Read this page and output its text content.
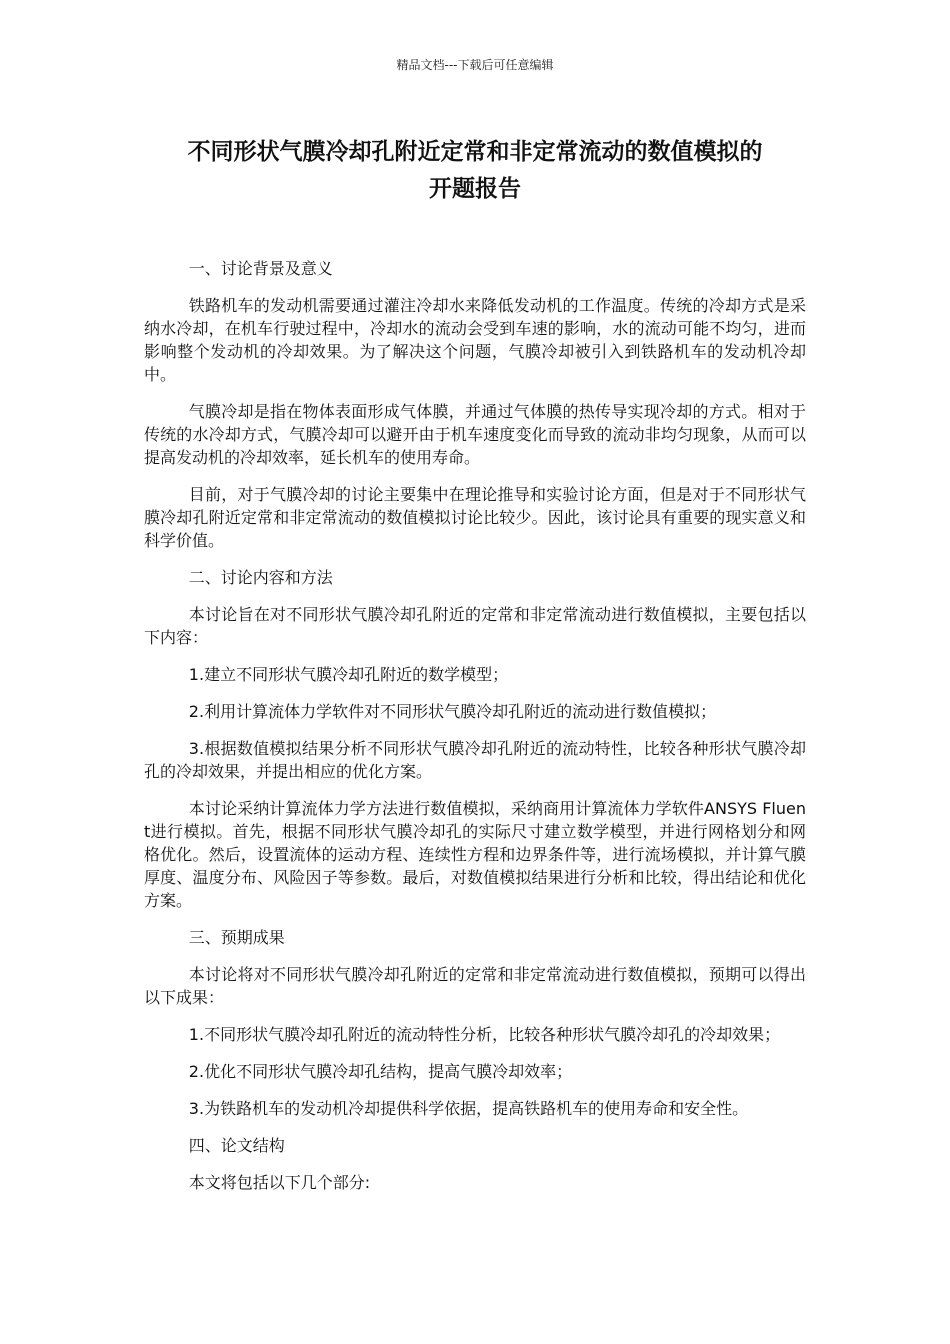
精品文档---下载后可任意编辑
不同形状气膜冷却孔附近定常和非定常流动的数值模拟的
开题报告

一、讨论背景及意义

铁路机车的发动机需要通过灌注冷却水来降低发动机的工作温度。传统的冷却方式是采纳水冷却，在机车行驶过程中，冷却水的流动会受到车速的影响，水的流动可能不均匀，进而影响整个发动机的冷却效果。为了解决这个问题，气膜冷却被引入到铁路机车的发动机冷却中。

气膜冷却是指在物体表面形成气体膜，并通过气体膜的热传导实现冷却的方式。相对于传统的水冷却方式，气膜冷却可以避开由于机车速度变化而导致的流动非均匀现象，从而可以提高发动机的冷却效率，延长机车的使用寿命。

目前，对于气膜冷却的讨论主要集中在理论推导和实验讨论方面，但是对于不同形状气膜冷却孔附近定常和非定常流动的数值模拟讨论比较少。因此，该讨论具有重要的现实意义和科学价值。

二、讨论内容和方法

本讨论旨在对不同形状气膜冷却孔附近的定常和非定常流动进行数值模拟，主要包括以下内容：

1.建立不同形状气膜冷却孔附近的数学模型；

2.利用计算流体力学软件对不同形状气膜冷却孔附近的流动进行数值模拟；

3.根据数值模拟结果分析不同形状气膜冷却孔附近的流动特性，比较各种形状气膜冷却孔的冷却效果，并提出相应的优化方案。

本讨论采纳计算流体力学方法进行数值模拟，采纳商用计算流体力学软件ANSYS Fluent进行模拟。首先，根据不同形状气膜冷却孔的实际尺寸建立数学模型，并进行网格划分和网格优化。然后，设置流体的运动方程、连续性方程和边界条件等，进行流场模拟，并计算气膜厚度、温度分布、风险因子等参数。最后，对数值模拟结果进行分析和比较，得出结论和优化方案。

三、预期成果

本讨论将对不同形状气膜冷却孔附近的定常和非定常流动进行数值模拟，预期可以得出以下成果：

1.不同形状气膜冷却孔附近的流动特性分析，比较各种形状气膜冷却孔的冷却效果；

2.优化不同形状气膜冷却孔结构，提高气膜冷却效率；

3.为铁路机车的发动机冷却提供科学依据，提高铁路机车的使用寿命和安全性。

四、论文结构

本文将包括以下几个部分:
